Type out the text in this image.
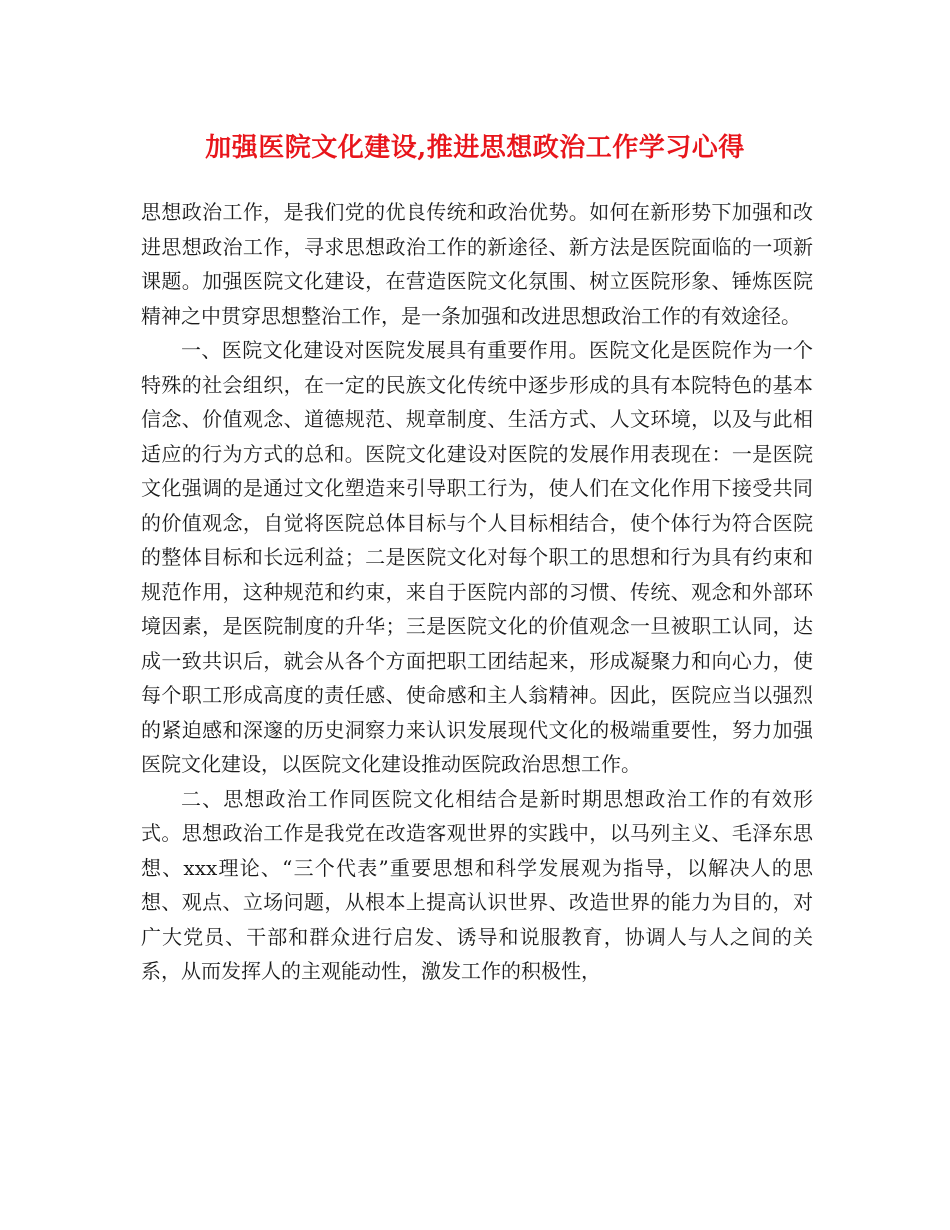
加强医院文化建设,推进思想政治工作学习心得

思想政治工作，是我们党的优良传统和政治优势。如何在新形势下加强和改进思想政治工作，寻求思想政治工作的新途径、新方法是医院面临的一项新课题。加强医院文化建设，在营造医院文化氛围、树立医院形象、锤炼医院精神之中贯穿思想整治工作，是一条加强和改进思想政治工作的有效途径。

一、医院文化建设对医院发展具有重要作用。医院文化是医院作为一个特殊的社会组织，在一定的民族文化传统中逐步形成的具有本院特色的基本信念、价值观念、道德规范、规章制度、生活方式、人文环境，以及与此相适应的行为方式的总和。医院文化建设对医院的发展作用表现在：一是医院文化强调的是通过文化塑造来引导职工行为，使人们在文化作用下接受共同的价值观念，自觉将医院总体目标与个人目标相结合，使个体行为符合医院的整体目标和长远利益；二是医院文化对每个职工的思想和行为具有约束和规范作用，这种规范和约束，来自于医院内部的习惯、传统、观念和外部环境因素，是医院制度的升华；三是医院文化的价值观念一旦被职工认同，达成一致共识后，就会从各个方面把职工团结起来，形成凝聚力和向心力，使每个职工形成高度的责任感、使命感和主人翁精神。因此，医院应当以强烈的紧迫感和深邃的历史洞察力来认识发展现代文化的极端重要性，努力加强医院文化建设，以医院文化建设推动医院政治思想工作。

二、思想政治工作同医院文化相结合是新时期思想政治工作的有效形式。思想政治工作是我党在改造客观世界的实践中，以马列主义、毛泽东思想、xxx理论、“三个代表”重要思想和科学发展观为指导，以解决人的思想、观点、立场问题，从根本上提高认识世界、改造世界的能力为目的，对广大党员、干部和群众进行启发、诱导和说服教育，协调人与人之间的关系，从而发挥人的主观能动性，激发工作的积极性，
